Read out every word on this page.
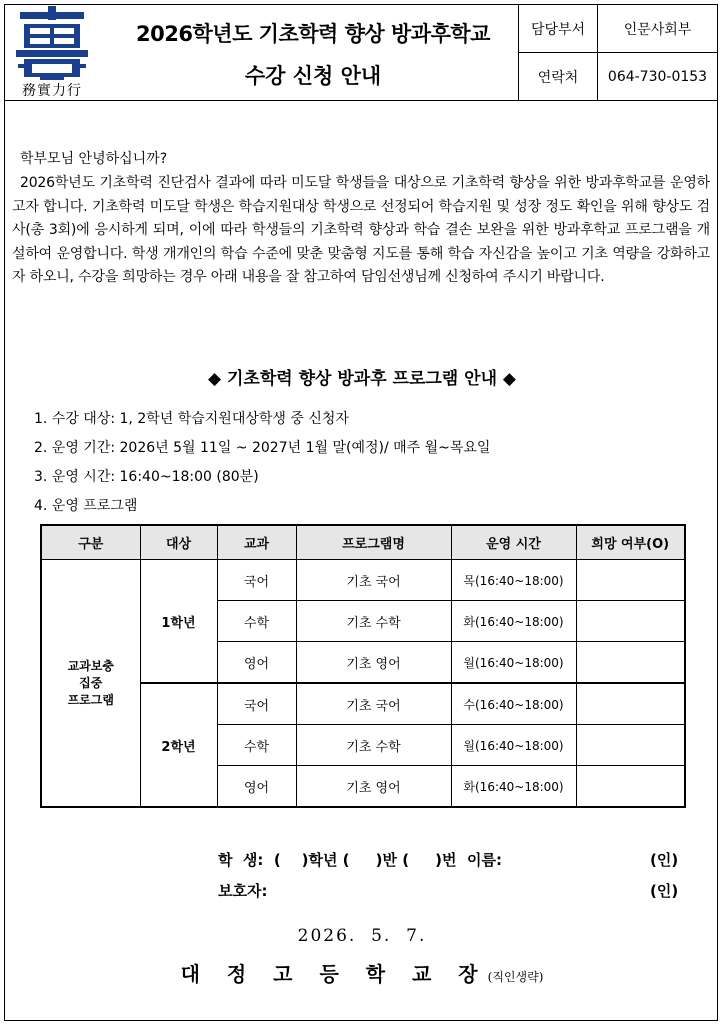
務實力行
2026학년도 기초학력 향상 방과후학교
수강 신청 안내
담당부서	인문사회부
연락처	064-730-0153
학부모님 안녕하십니까?
2026학년도 기초학력 진단검사 결과에 따라 미도달 학생들을 대상으로 기초학력 향상을 위한 방과후학교를 운영하고자 합니다. 기초학력 미도달 학생은 학습지원대상 학생으로 선정되어 학습지원 및 성장 정도 확인을 위해 향상도 검사(총 3회)에 응시하게 되며, 이에 따라 학생들의 기초학력 향상과 학습 결손 보완을 위한 방과후학교 프로그램을 개설하여 운영합니다. 학생 개개인의 학습 수준에 맞춘 맞춤형 지도를 통해 학습 자신감을 높이고 기초 역량을 강화하고자 하오니, 수강을 희망하는 경우 아래 내용을 잘 참고하여 담임선생님께 신청하여 주시기 바랍니다.
◆ 기초학력 향상 방과후 프로그램 안내 ◆
1. 수강 대상: 1, 2학년 학습지원대상학생 중 신청자
2. 운영 기간: 2026년 5월 11일 ~ 2027년 1월 말(예정)/ 매주 월~목요일
3. 운영 시간: 16:40~18:00 (80분)
4. 운영 프로그램
구분	대상	교과	프로그램명	운영 시간	희망 여부(O)
교과보충
집중
프로그램	1학년	국어	기초 국어	목(16:40~18:00)	
		수학	기초 수학	화(16:40~18:00)	
		영어	기초 영어	월(16:40~18:00)	
	2학년	국어	기초 국어	수(16:40~18:00)	
		수학	기초 수학	월(16:40~18:00)	
		영어	기초 영어	화(16:40~18:00)	
학  생:  (    )학년 (     )반 (     )번  이름:	(인)
보호자:	(인)
2026.  5.  7.
대 정 고 등 학 교 장(직인생략)
